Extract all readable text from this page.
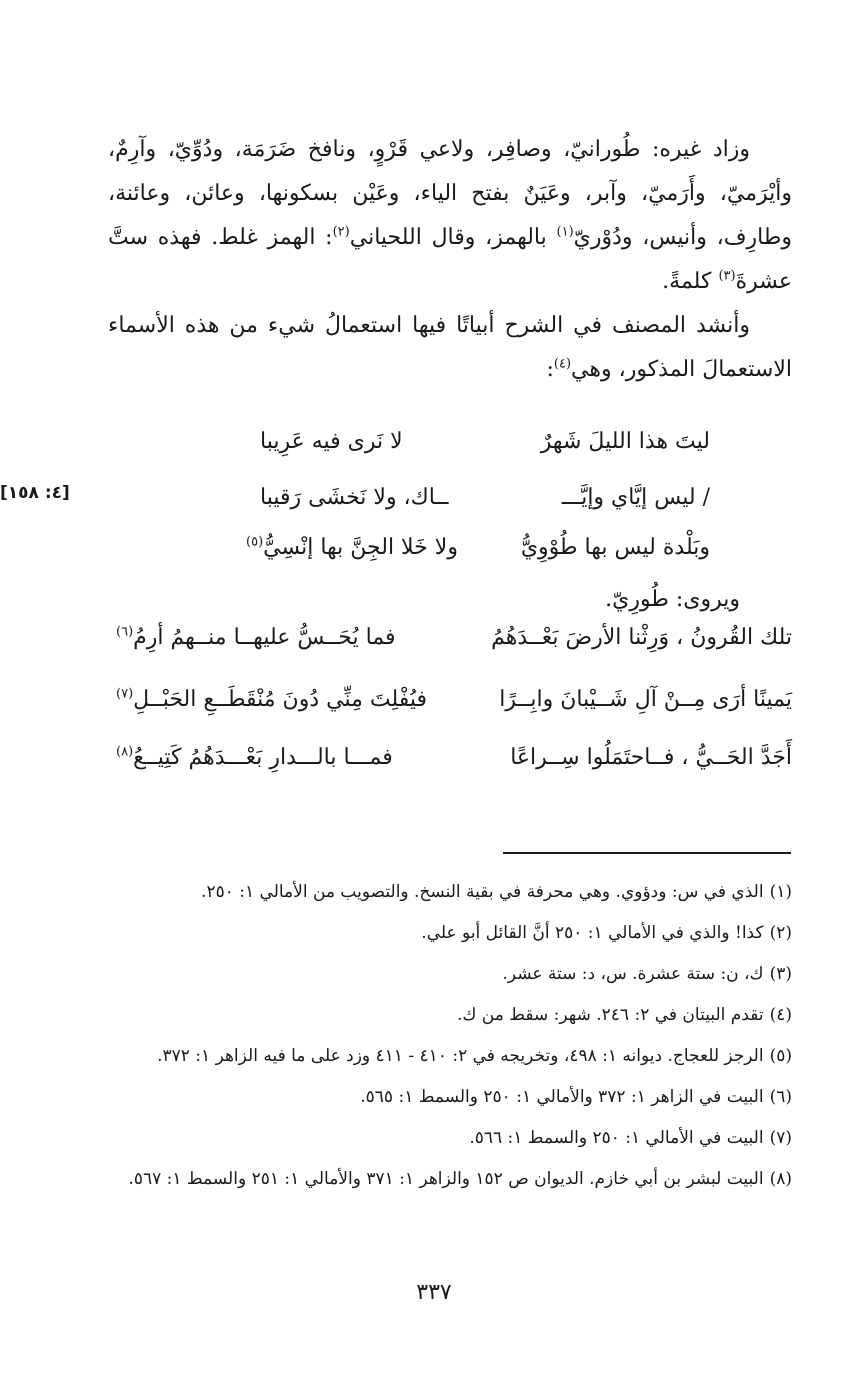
وزاد غيره: طُورانيّ، وصافِر، ولاعي قَرْوٍ، ونافخ ضَرَمَة، ودُوِّيّ، وآرِمٌ، وأيْرَميّ، وأَرَميّ، وآبر، وعَيَنٌ بفتح الياء، وعَيْن بسكونها، وعائن، وعائنة، وطارِف، وأنيس، ودُوْريّ$^{(١)}$ بالهمز، وقال اللحياني$^{(٢)}$: الهمز غلط. فهذه ستَّ عشرةَ$^{(٣)}$ كلمةً.

وأنشد المصنف في الشرح أبياتًا فيها استعمالُ شيء من هذه الأسماء الاستعمالَ المذكور، وهي$^{(٤)}$:

ليتَ هذا الليلَ شَهرٌ
لا نَرى فيه عَرِيبا
/ ليس إيَّاي وإيَّـــ
ــاك، ولا نَخشَى رَقيبا
وبَلْدة ليس بها طُوْوِيُّ
ولا خَلا الجِنَّ بها إنْسِيُّ$^{(٥)}$
[٤: ١٥٨]
ويروى: طُورِيّ.
تلك القُرونُ ، وَرِثْنا الأرضَ بَعْــدَهُمُ
فما يُحَــسُّ عليهــا منــهمُ أرِمُ$^{(٦)}$
يَمينًا أرَى مِــنْ آلِ شَــيْبانَ وابِــرًا
فيُفْلِتَ مِنِّي دُونَ مُنْقَطَــعِ الحَبْــلِ$^{(٧)}$
أَجَدَّ الحَــيُّ ، فــاحتَمَلُوا سِــراعًا
فمـــا بالـــدارِ بَعْـــدَهُمُ كَتِيــعُ$^{(٨)}$
(١)
الذي في س: ودؤوي. وهي محرفة في بقية النسخ. والتصويب من الأمالي ١: ٢٥٠.
(٢)
كذا! والذي في الأمالي ١: ٢٥٠ أنَّ القائل أبو علي.
(٣)
ك، ن: ستة عشرة. س، د: ستة عشر.
(٤)
تقدم البيتان في ٢: ٢٤٦. شهر: سقط من ك.
(٥)
الرجز للعجاج. ديوانه ١: ٤٩٨، وتخريجه في ٢: ٤١٠ - ٤١١ وزد على ما فيه الزاهر ١: ٣٧٢.
(٦)
البيت في الزاهر ١: ٣٧٢ والأمالي ١: ٢٥٠ والسمط ١: ٥٦٥.
(٧)
البيت في الأمالي ١: ٢٥٠ والسمط ١: ٥٦٦.
(٨)
البيت لبشر بن أبي خازم. الديوان ص ١٥٢ والزاهر ١: ٣٧١ والأمالي ١: ٢٥١ والسمط ١: ٥٦٧.
٣٣٧
